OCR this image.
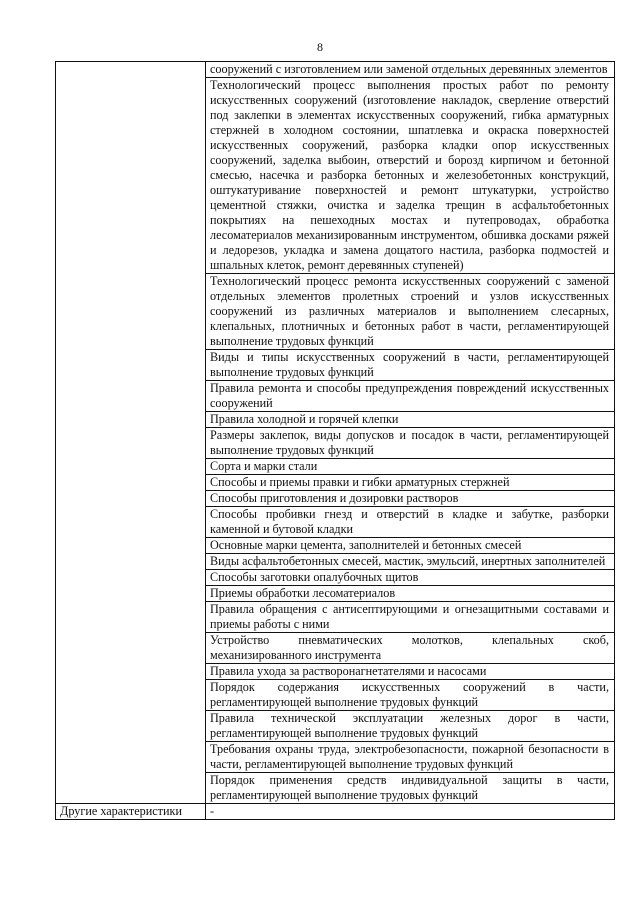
8
	сооружений с изготовлением или заменой отдельных деревянных элементов
	Технологический процесс выполнения простых работ по ремонту искусственных сооружений (изготовление накладок, сверление отверстий под заклепки в элементах искусственных сооружений, гибка арматурных стержней в холодном состоянии, шпатлевка и окраска поверхностей искусственных сооружений, разборка кладки опор искусственных сооружений, заделка выбоин, отверстий и борозд кирпичом и бетонной смесью, насечка и разборка бетонных и железобетонных конструкций, оштукатуривание поверхностей и ремонт штукатурки, устройство цементной стяжки, очистка и заделка трещин в асфальтобетонных покрытиях на пешеходных мостах и путепроводах, обработка лесоматериалов механизированным инструментом, обшивка досками ряжей и ледорезов, укладка и замена дощатого настила, разборка подмостей и шпальных клеток, ремонт деревянных ступеней)
	Технологический процесс ремонта искусственных сооружений с заменой отдельных элементов пролетных строений и узлов искусственных сооружений из различных материалов и выполнением слесарных, клепальных, плотничных и бетонных работ в части, регламентирующей выполнение трудовых функций
	Виды и типы искусственных сооружений в части, регламентирующей выполнение трудовых функций
	Правила ремонта и способы предупреждения повреждений искусственных сооружений
	Правила холодной и горячей клепки
	Размеры заклепок, виды допусков и посадок в части, регламентирующей выполнение трудовых функций
	Сорта и марки стали
	Способы и приемы правки и гибки арматурных стержней
	Способы приготовления и дозировки растворов
	Способы пробивки гнезд и отверстий в кладке и забутке, разборки каменной и бутовой кладки
	Основные марки цемента, заполнителей и бетонных смесей
	Виды асфальтобетонных смесей, мастик, эмульсий, инертных заполнителей
	Способы заготовки опалубочных щитов
	Приемы обработки лесоматериалов
	Правила обращения с антисептирующими и огнезащитными составами и приемы работы с ними
	Устройство пневматических молотков, клепальных скоб, механизированного инструмента
	Правила ухода за растворонагнетателями и насосами
	Порядок содержания искусственных сооружений в части, регламентирующей выполнение трудовых функций
	Правила технической эксплуатации железных дорог в части, регламентирующей выполнение трудовых функций
	Требования охраны труда, электробезопасности, пожарной безопасности в части, регламентирующей выполнение трудовых функций
	Порядок применения средств индивидуальной защиты в части, регламентирующей выполнение трудовых функций
Другие характеристики	-
